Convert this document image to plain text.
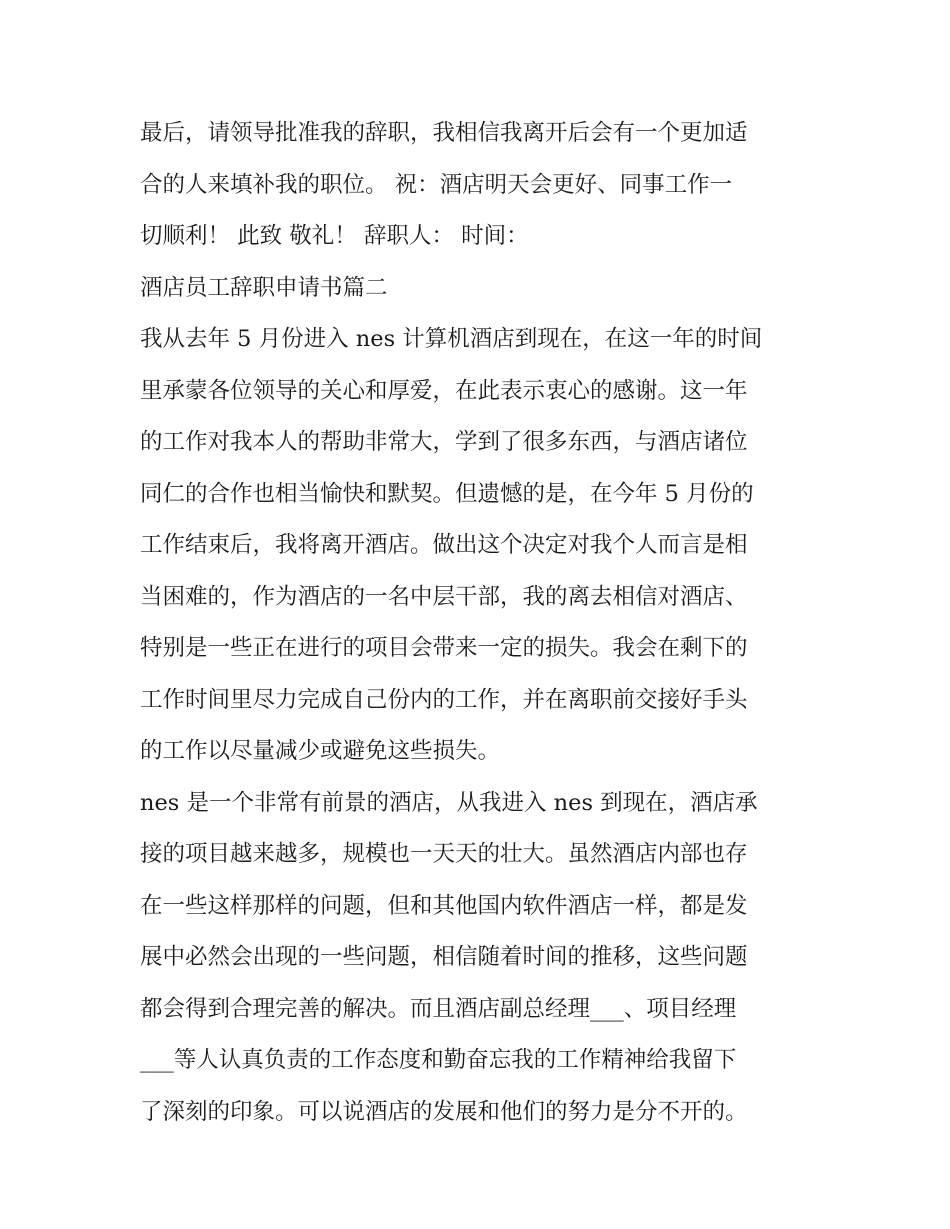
最后，请领导批准我的辞职，我相信我离开后会有一个更加适
合的人来填补我的职位。 祝：酒店明天会更好、同事工作一
切顺利！ 此致 敬礼！ 辞职人： 时间：

酒店员工辞职申请书篇二

我从去年 5 月份进入 nes 计算机酒店到现在，在这一年的时间
里承蒙各位领导的关心和厚爱，在此表示衷心的感谢。这一年
的工作对我本人的帮助非常大，学到了很多东西，与酒店诸位
同仁的合作也相当愉快和默契。但遗憾的是，在今年 5 月份的
工作结束后，我将离开酒店。做出这个决定对我个人而言是相
当困难的，作为酒店的一名中层干部，我的离去相信对酒店、
特别是一些正在进行的项目会带来一定的损失。我会在剩下的
工作时间里尽力完成自己份内的工作，并在离职前交接好手头
的工作以尽量减少或避免这些损失。

nes 是一个非常有前景的酒店，从我进入 nes 到现在，酒店承
接的项目越来越多，规模也一天天的壮大。虽然酒店内部也存
在一些这样那样的问题，但和其他国内软件酒店一样，都是发
展中必然会出现的一些问题，相信随着时间的推移，这些问题
都会得到合理完善的解决。而且酒店副总经理___、项目经理
___等人认真负责的工作态度和勤奋忘我的工作精神给我留下
了深刻的印象。可以说酒店的发展和他们的努力是分不开的。
